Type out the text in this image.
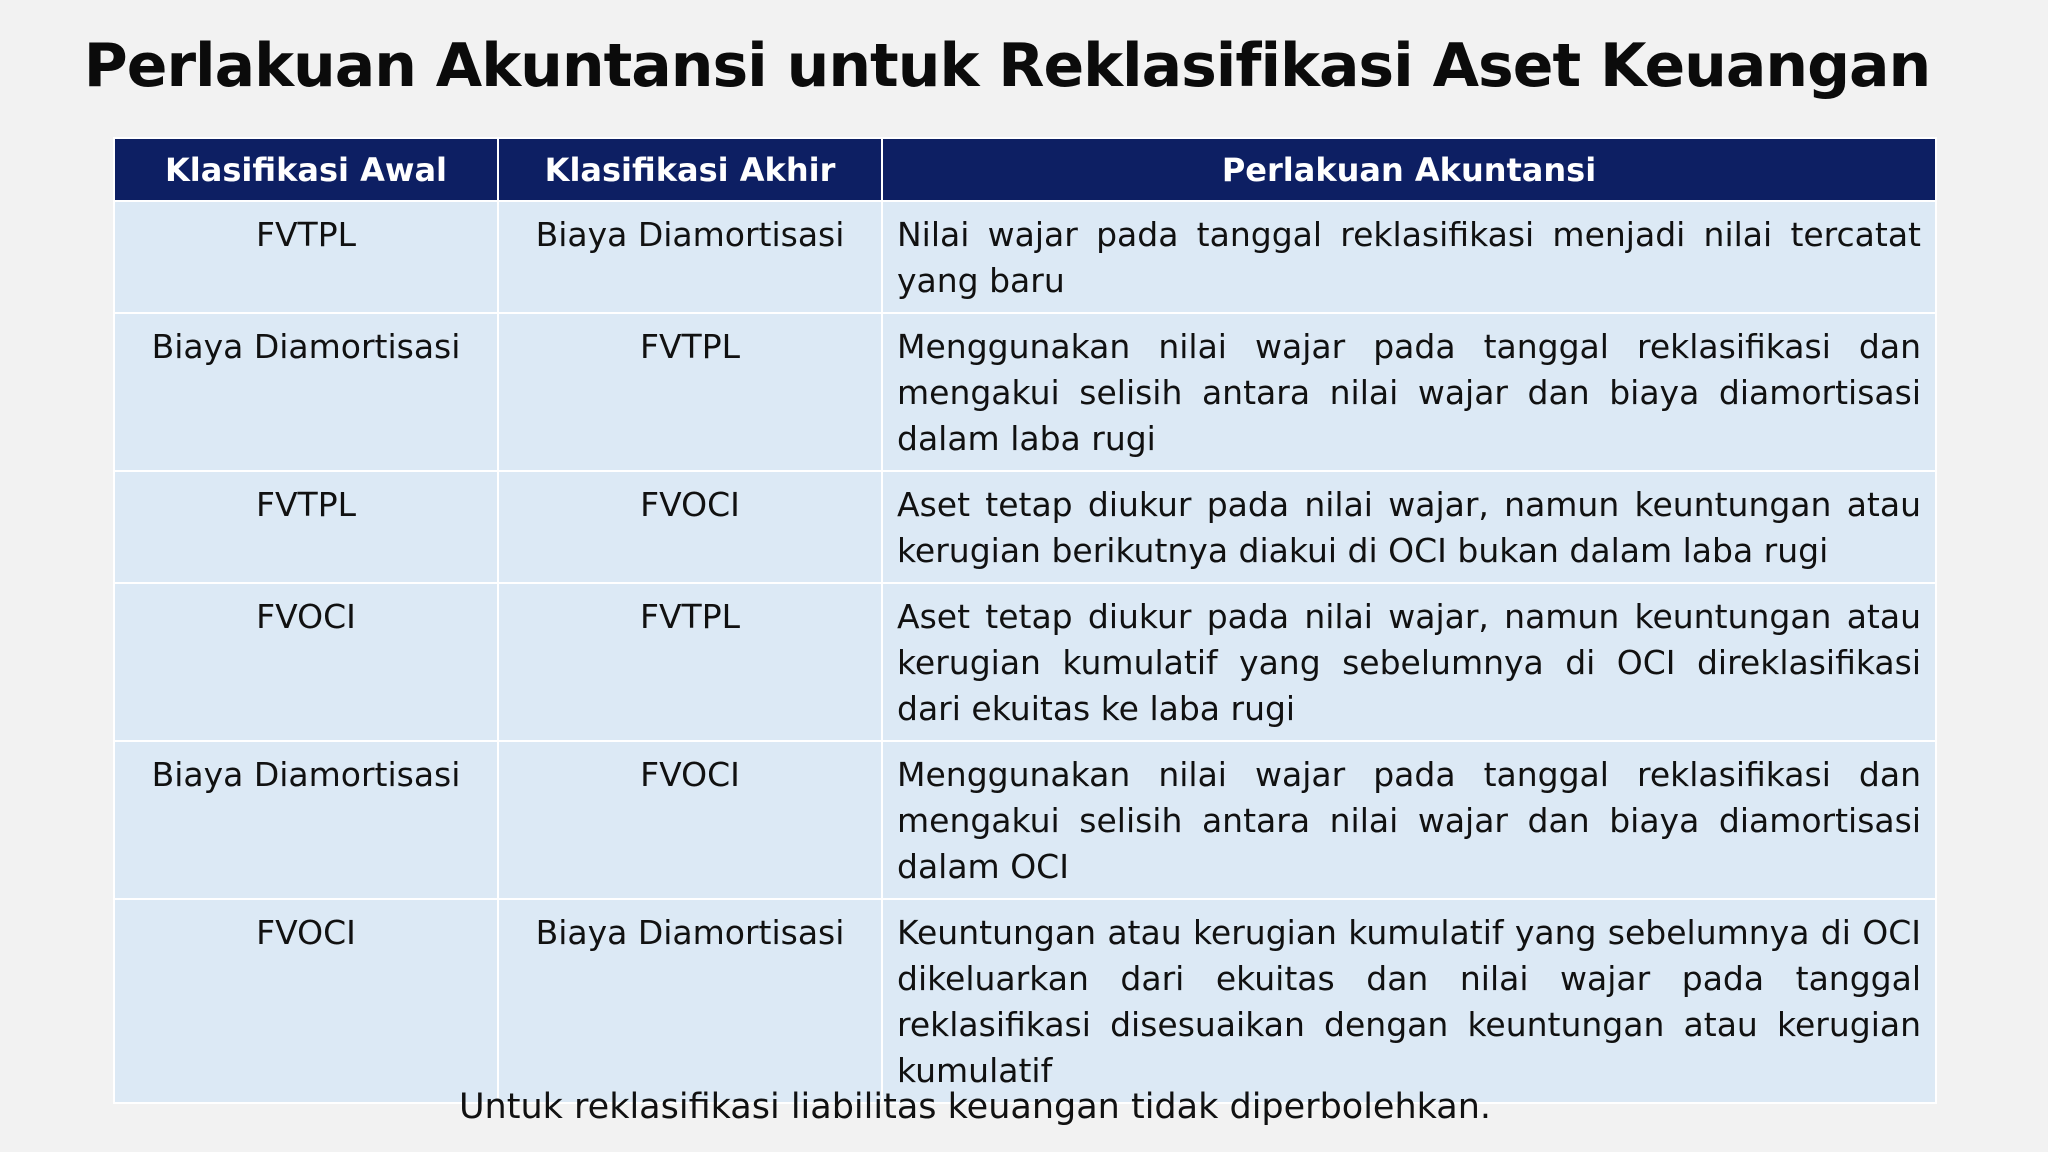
Perlakuan Akuntansi untuk Reklasifikasi Aset Keuangan
Klasifikasi Awal	Klasifikasi Akhir	Perlakuan Akuntansi
FVTPL	Biaya Diamortisasi	Nilai wajar pada tanggal reklasifikasi menjadi nilai tercatat yang baru
Biaya Diamortisasi	FVTPL	Menggunakan nilai wajar pada tanggal reklasifikasi dan mengakui selisih antara nilai wajar dan biaya diamortisasi dalam laba rugi
FVTPL	FVOCI	Aset tetap diukur pada nilai wajar, namun keuntungan atau kerugian berikutnya diakui di OCI bukan dalam laba rugi
FVOCI	FVTPL	Aset tetap diukur pada nilai wajar, namun keuntungan atau kerugian kumulatif yang sebelumnya di OCI direklasifikasi dari ekuitas ke laba rugi
Biaya Diamortisasi	FVOCI	Menggunakan nilai wajar pada tanggal reklasifikasi dan mengakui selisih antara nilai wajar dan biaya diamortisasi dalam OCI
FVOCI	Biaya Diamortisasi	Keuntungan atau kerugian kumulatif yang sebelumnya di OCI dikeluarkan dari ekuitas dan nilai wajar pada tanggal reklasifikasi disesuaikan dengan keuntungan atau kerugian kumulatif
Untuk reklasifikasi liabilitas keuangan tidak diperbolehkan.
